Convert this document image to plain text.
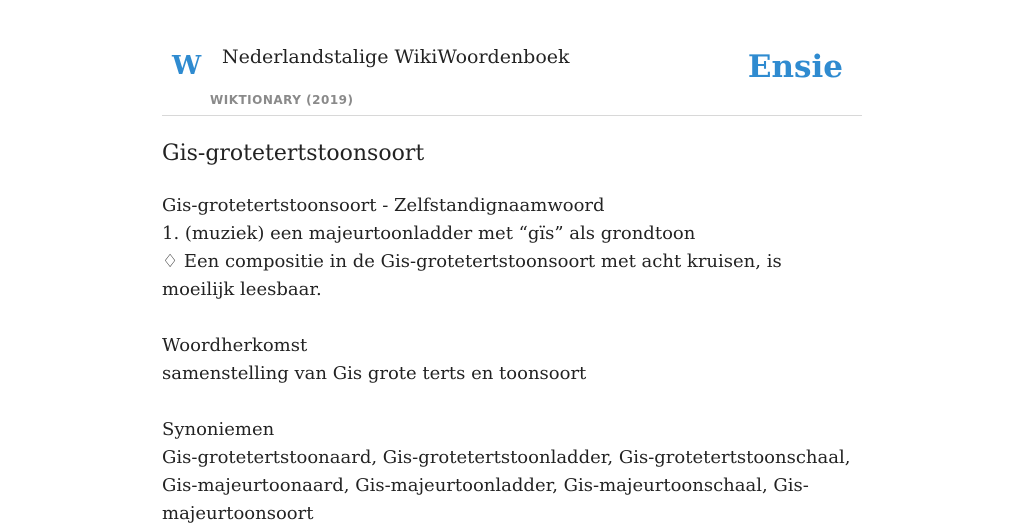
W Nederlandstalige WikiWoordenboek
WIKTIONARY (2019)
Ensie
Gis-grotetertstoonsoort

Gis-grotetertstoonsoort - Zelfstandignaamwoord

1. (muziek) een majeurtoonladder met “gïs” als grondtoon

♢ Een compositie in de Gis-grotetertstoonsoort met acht kruisen, is moeilijk leesbaar.

Woordherkomst

samenstelling van Gis grote terts en toonsoort

Synoniemen

Gis-grotetertstoonaard, Gis-grotetertstoonladder, Gis-grotetertstoonschaal, Gis-majeurtoonaard, Gis-majeurtoonladder, Gis-majeurtoonschaal, Gis-majeurtoonsoort
